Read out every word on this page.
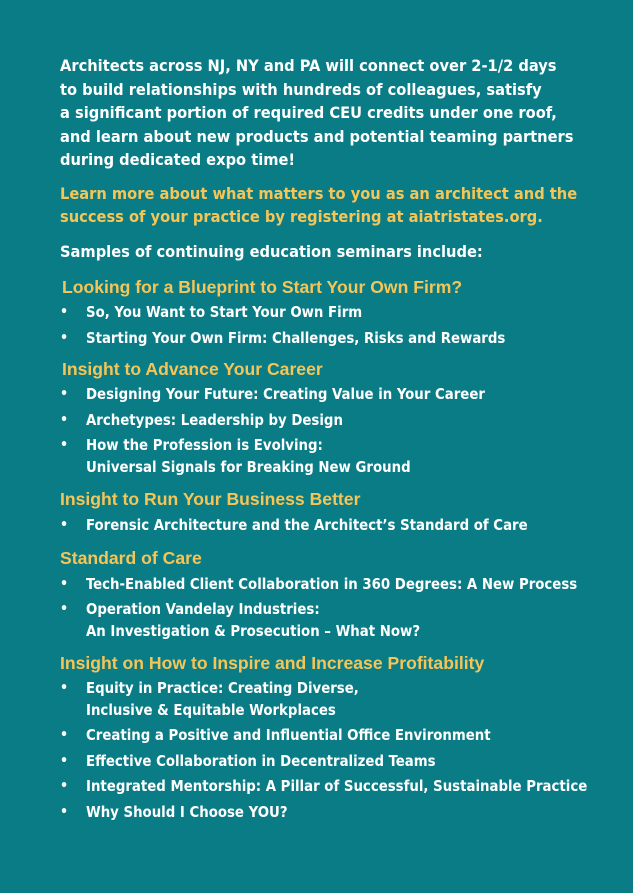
Architects across NJ, NY and PA will connect over 2-1/2 days
to build relationships with hundreds of colleagues, satisfy
a significant portion of required CEU credits under one roof,
and learn about new products and potential teaming partners
during dedicated expo time!

Learn more about what matters to you as an architect and the
success of your practice by registering at aiatristates.org.

Samples of continuing education seminars include:

Looking for a Blueprint to Start Your Own Firm?
• So, You Want to Start Your Own Firm
• Starting Your Own Firm: Challenges, Risks and Rewards
Insight to Advance Your Career
• Designing Your Future: Creating Value in Your Career
• Archetypes: Leadership by Design
• How the Profession is Evolving:
Universal Signals for Breaking New Ground
Insight to Run Your Business Better
• Forensic Architecture and the Architect’s Standard of Care
Standard of Care
• Tech-Enabled Client Collaboration in 360 Degrees: A New Process
• Operation Vandelay Industries:
An Investigation & Prosecution – What Now?
Insight on How to Inspire and Increase Profitability
• Equity in Practice: Creating Diverse,
Inclusive & Equitable Workplaces
• Creating a Positive and Influential Office Environment
• Effective Collaboration in Decentralized Teams
• Integrated Mentorship: A Pillar of Successful, Sustainable Practice
• Why Should I Choose YOU?
